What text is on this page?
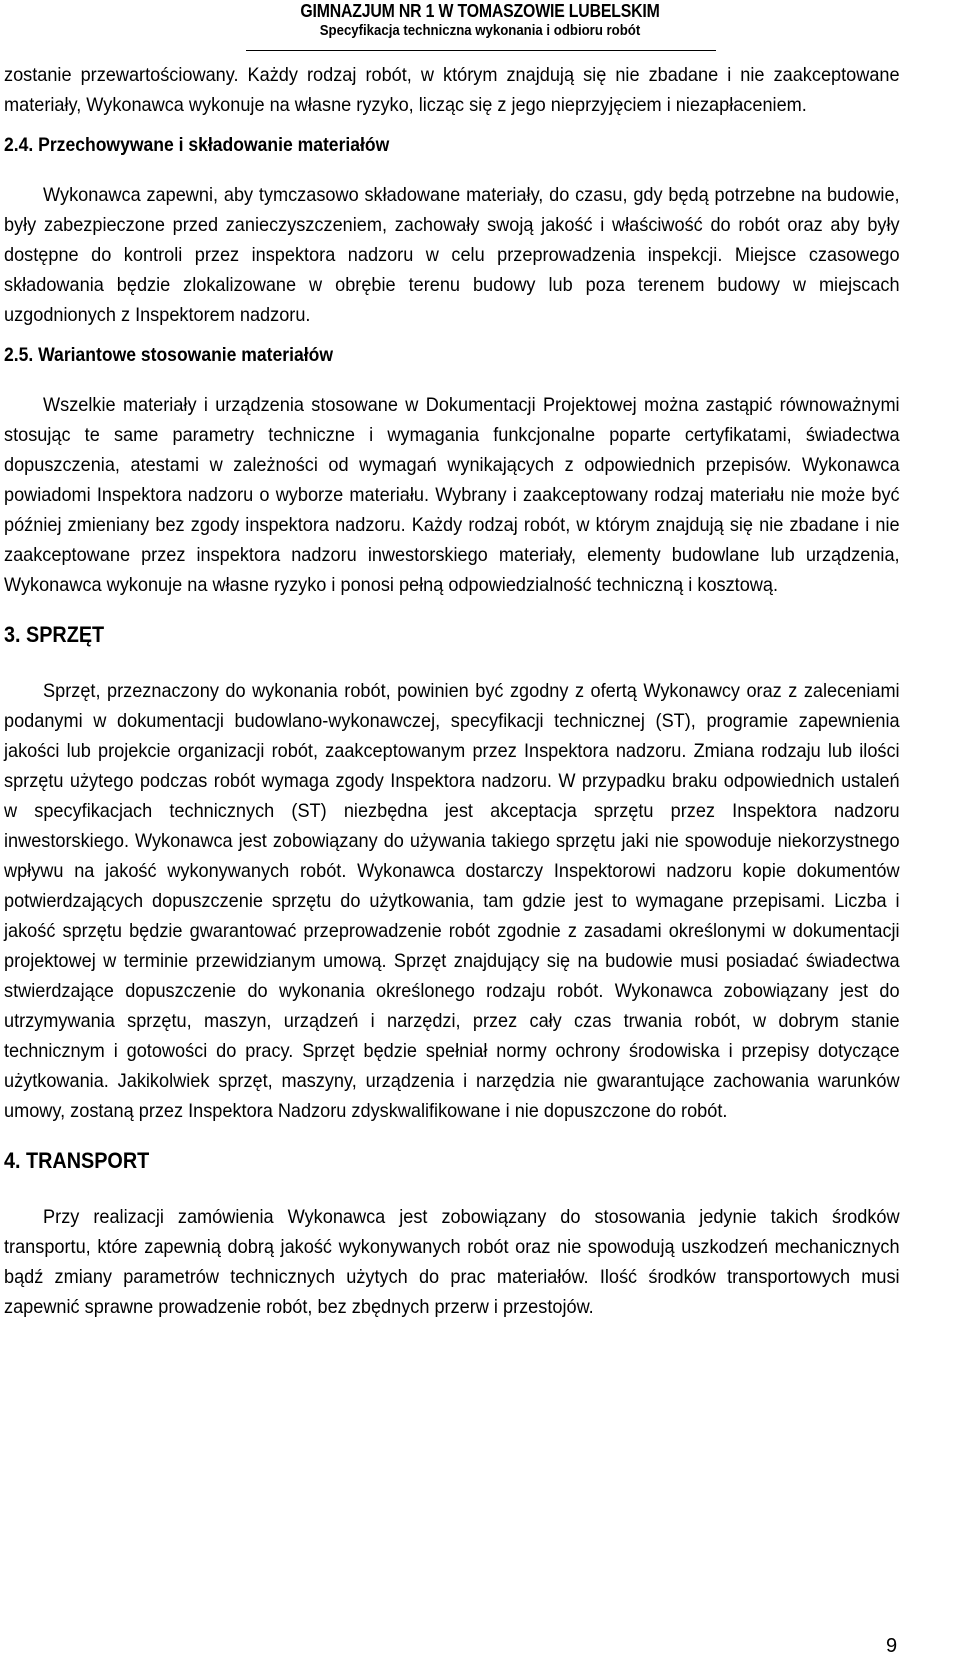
GIMNAZJUM NR 1 W TOMASZOWIE LUBELSKIM
Specyfikacja techniczna wykonania i odbioru robót

zostanie przewartościowany. Każdy rodzaj robót, w którym znajdują się nie zbadane i nie zaakceptowane materiały, Wykonawca wykonuje na własne ryzyko, licząc się z jego nieprzyjęciem i niezapłaceniem.

2.4. Przechowywane i składowanie materiałów

Wykonawca zapewni, aby tymczasowo składowane materiały, do czasu, gdy będą potrzebne na budowie, były zabezpieczone przed zanieczyszczeniem, zachowały swoją jakość i właściwość do robót oraz aby były dostępne do kontroli przez inspektora nadzoru w celu przeprowadzenia inspekcji. Miejsce czasowego składowania będzie zlokalizowane w obrębie terenu budowy lub poza terenem budowy w miejscach uzgodnionych z Inspektorem nadzoru.

2.5. Wariantowe stosowanie materiałów

Wszelkie materiały i urządzenia stosowane w Dokumentacji Projektowej można zastąpić równoważnymi stosując te same parametry techniczne i wymagania funkcjonalne poparte certyfikatami, świadectwa dopuszczenia, atestami w zależności od wymagań wynikających z odpowiednich przepisów. Wykonawca powiadomi Inspektora nadzoru o wyborze materiału. Wybrany i zaakceptowany rodzaj materiału nie może być później zmieniany bez zgody inspektora nadzoru. Każdy rodzaj robót, w którym znajdują się nie zbadane i nie zaakceptowane przez inspektora nadzoru inwestorskiego materiały, elementy budowlane lub urządzenia, Wykonawca wykonuje na własne ryzyko i ponosi pełną odpowiedzialność techniczną i kosztową.

3. SPRZĘT

Sprzęt, przeznaczony do wykonania robót, powinien być zgodny z ofertą Wykonawcy oraz z zaleceniami podanymi w dokumentacji budowlano-wykonawczej, specyfikacji technicznej (ST), programie zapewnienia jakości lub projekcie organizacji robót, zaakceptowanym przez Inspektora nadzoru. Zmiana rodzaju lub ilości sprzętu użytego podczas robót wymaga zgody Inspektora nadzoru. W przypadku braku odpowiednich ustaleń w specyfikacjach technicznych (ST) niezbędna jest akceptacja sprzętu przez Inspektora nadzoru inwestorskiego. Wykonawca jest zobowiązany do używania takiego sprzętu jaki nie spowoduje niekorzystnego wpływu na jakość wykonywanych robót. Wykonawca dostarczy Inspektorowi nadzoru kopie dokumentów potwierdzających dopuszczenie sprzętu do użytkowania, tam gdzie jest to wymagane przepisami. Liczba i jakość sprzętu będzie gwarantować przeprowadzenie robót zgodnie z zasadami określonymi w dokumentacji projektowej w terminie przewidzianym umową. Sprzęt znajdujący się na budowie musi posiadać świadectwa stwierdzające dopuszczenie do wykonania określonego rodzaju robót. Wykonawca zobowiązany jest do utrzymywania sprzętu, maszyn, urządzeń i narzędzi, przez cały czas trwania robót, w dobrym stanie technicznym i gotowości do pracy. Sprzęt będzie spełniał normy ochrony środowiska i przepisy dotyczące użytkowania. Jakikolwiek sprzęt, maszyny, urządzenia i narzędzia nie gwarantujące zachowania warunków umowy, zostaną przez Inspektora Nadzoru zdyskwalifikowane i nie dopuszczone do robót.

4. TRANSPORT

Przy realizacji zamówienia Wykonawca jest zobowiązany do stosowania jedynie takich środków transportu, które zapewnią dobrą jakość wykonywanych robót oraz nie spowodują uszkodzeń mechanicznych bądź zmiany parametrów technicznych użytych do prac materiałów. Ilość środków transportowych musi zapewnić sprawne prowadzenie robót, bez zbędnych przerw i przestojów.

9
